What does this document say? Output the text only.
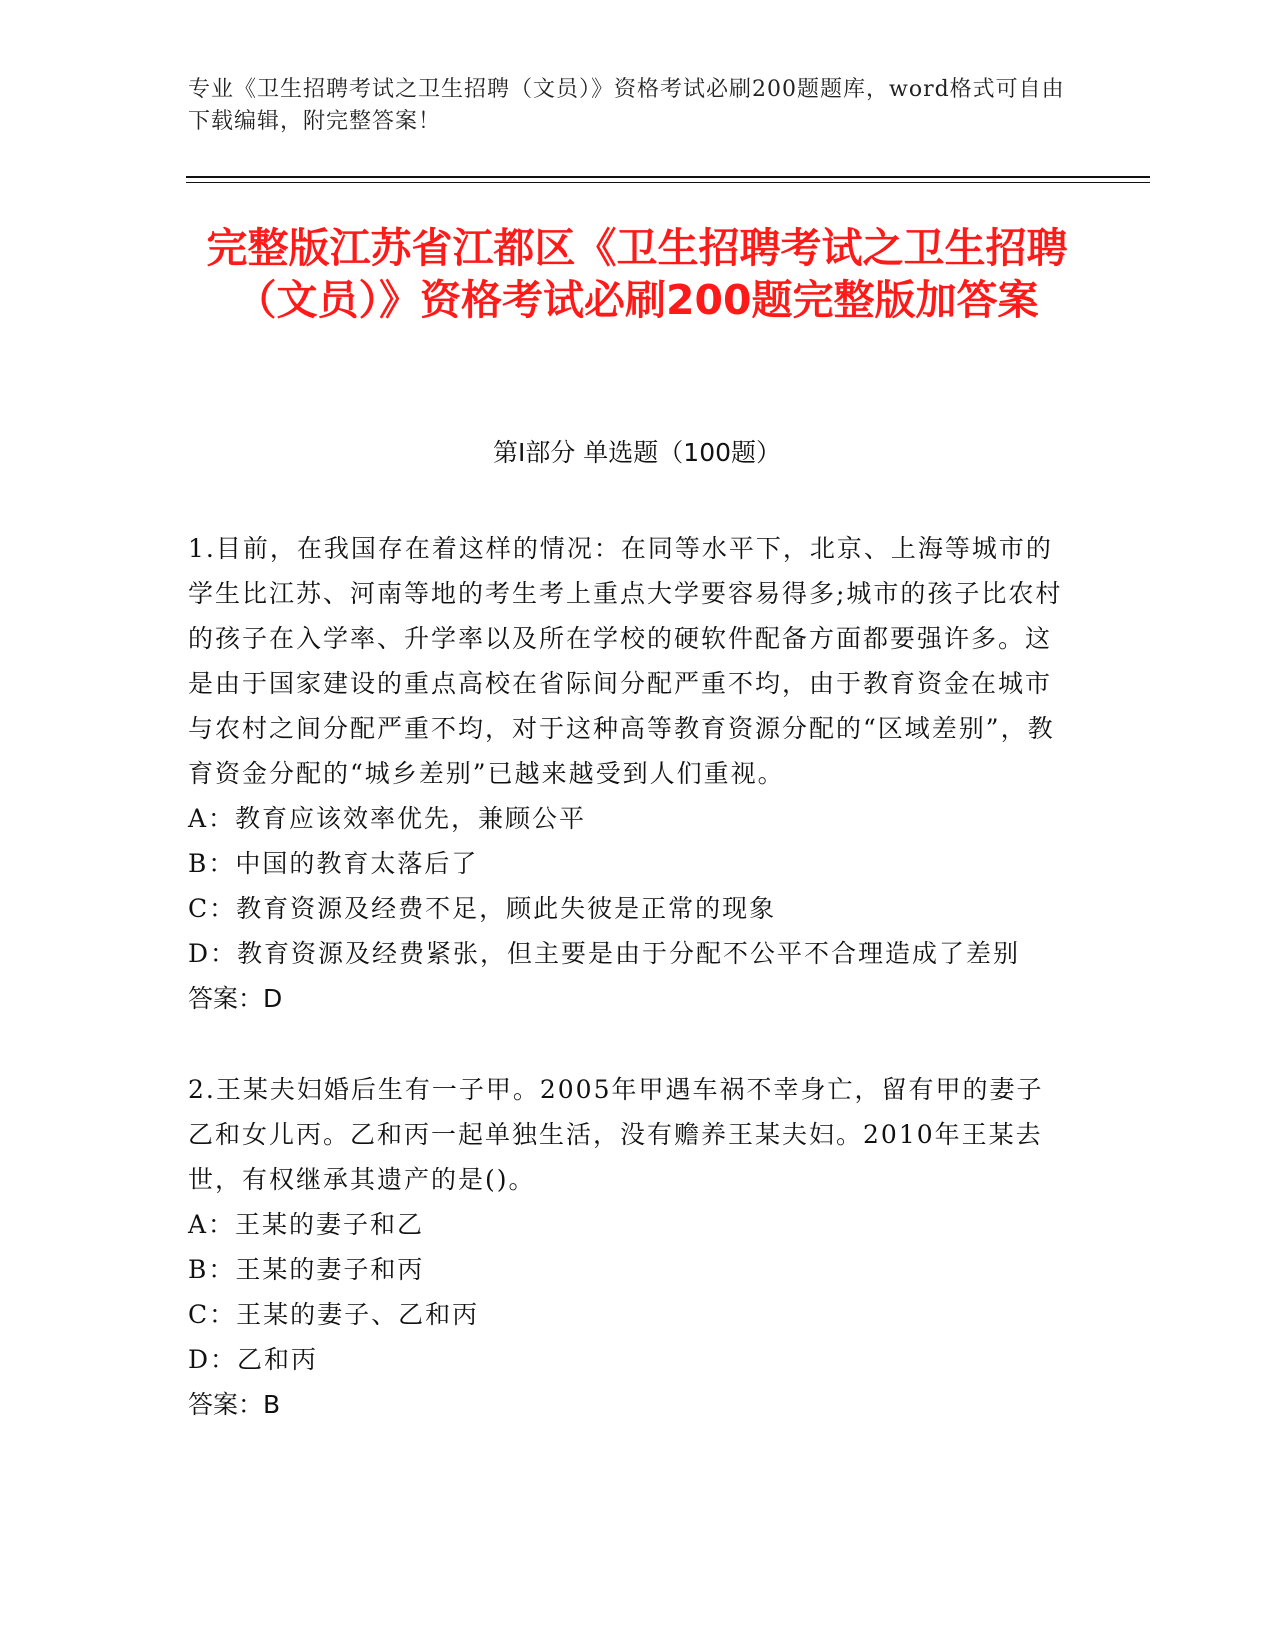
专业《卫生招聘考试之卫生招聘（文员）》资格考试必刷200题题库，word格式可自由下载编辑，附完整答案！
完整版江苏省江都区《卫生招聘考试之卫生招聘（文员）》资格考试必刷200题完整版加答案
第I部分 单选题（100题）
1.目前，在我国存在着这样的情况：在同等水平下，北京、上海等城市的学生比江苏、河南等地的考生考上重点大学要容易得多;城市的孩子比农村的孩子在入学率、升学率以及所在学校的硬软件配备方面都要强许多。这是由于国家建设的重点高校在省际间分配严重不均，由于教育资金在城市与农村之间分配严重不均，对于这种高等教育资源分配的“区域差别”，教育资金分配的“城乡差别”已越来越受到人们重视。
A：教育应该效率优先，兼顾公平
B：中国的教育太落后了
C：教育资源及经费不足，顾此失彼是正常的现象
D：教育资源及经费紧张，但主要是由于分配不公平不合理造成了差别
答案：D
2.王某夫妇婚后生有一子甲。2005年甲遇车祸不幸身亡，留有甲的妻子乙和女儿丙。乙和丙一起单独生活，没有赡养王某夫妇。2010年王某去世，有权继承其遗产的是()。
A：王某的妻子和乙
B：王某的妻子和丙
C：王某的妻子、乙和丙
D：乙和丙
答案：B
